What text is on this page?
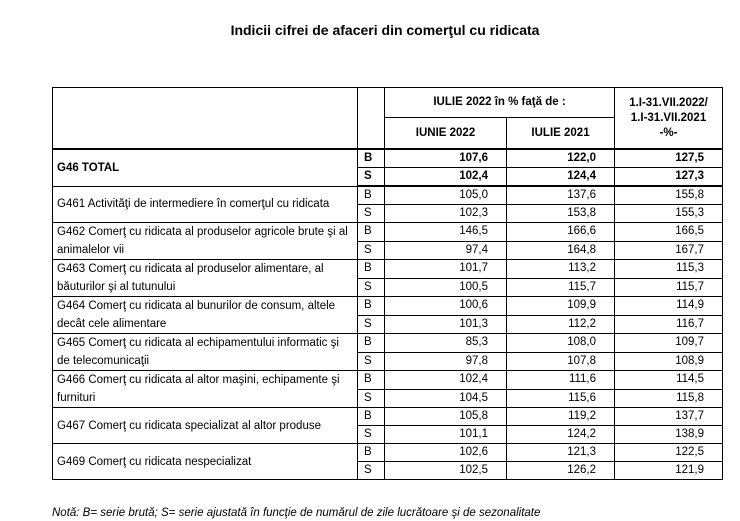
Indicii cifrei de afaceri din comerţul cu ridicata
		IULIE 2022 în % faţă de :		1.I-31.VII.2022/ 1.I-31.VII.2021 -%-
		IUNIE 2022	IULIE 2021	
G46 TOTAL	B	107,6	122,0	127,5
	S	102,4	124,4	127,3
G461 Activităţi de intermediere în comerţul cu ridicata	B	105,0	137,6	155,8
	S	102,3	153,8	155,3
G462 Comerţ cu ridicata al produselor agricole brute şi al animalelor vii	B	146,5	166,6	166,5
	S	97,4	164,8	167,7
G463 Comerţ cu ridicata al produselor alimentare, al băuturilor şi al tutunului	B	101,7	113,2	115,3
	S	100,5	115,7	115,7
G464 Comerţ cu ridicata al bunurilor de consum, altele decât cele alimentare	B	100,6	109,9	114,9
	S	101,3	112,2	116,7
G465 Comerţ cu ridicata al echipamentului informatic şi de telecomunicaţii	B	85,3	108,0	109,7
	S	97,8	107,8	108,9
G466 Comerţ cu ridicata al altor maşini, echipamente şi furnituri	B	102,4	111,6	114,5
	S	104,5	115,6	115,8
G467 Comerţ cu ridicata specializat al altor produse	B	105,8	119,2	137,7
	S	101,1	124,2	138,9
G469 Comerţ cu ridicata nespecializat	B	102,6	121,3	122,5
	S	102,5	126,2	121,9
Notă: B= serie brută; S= serie ajustată în funcţie de numărul de zile lucrătoare şi de sezonalitate
